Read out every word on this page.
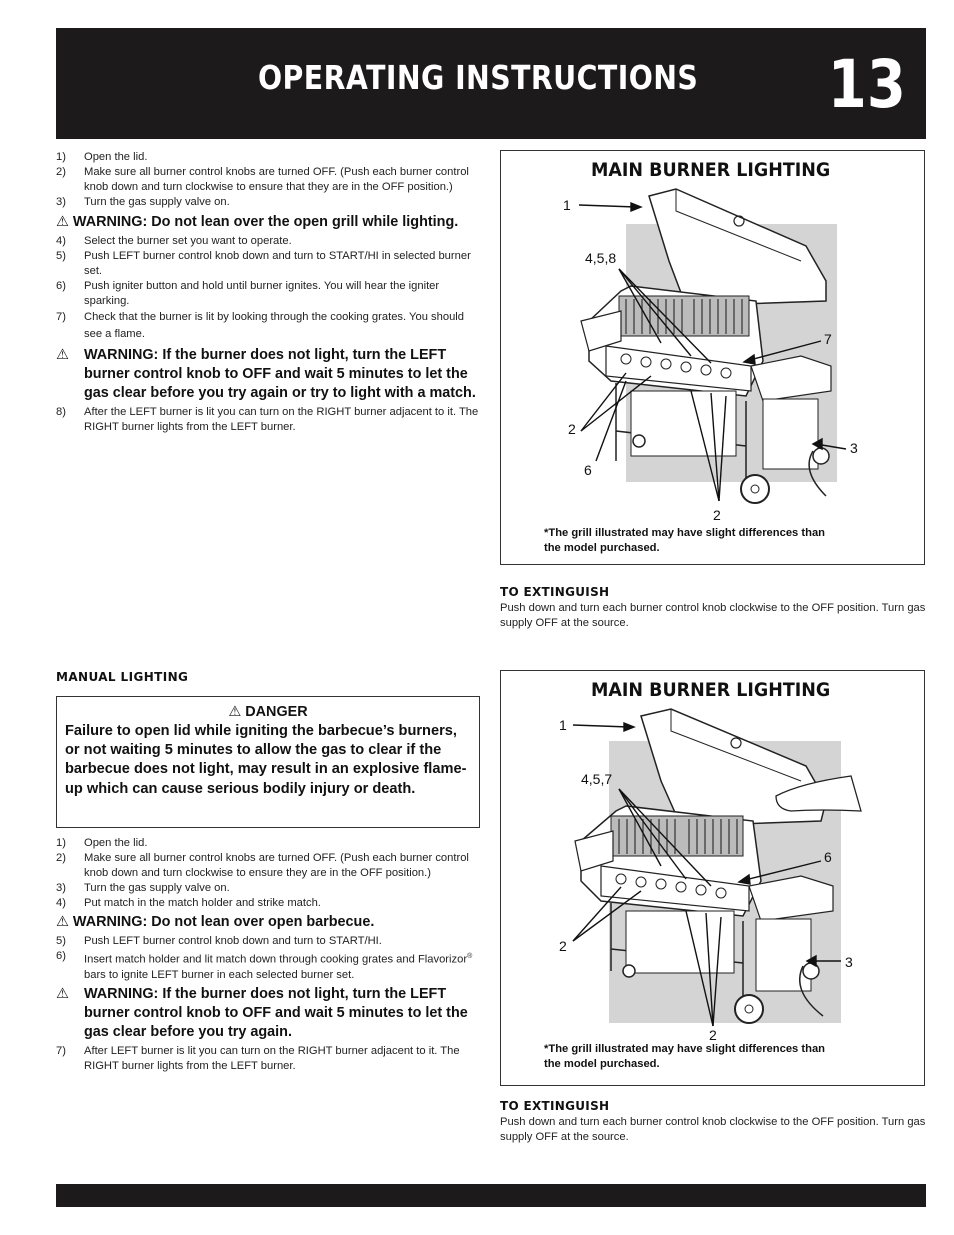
OPERATING INSTRUCTIONS 13
1) Open the lid.
2) Make sure all burner control knobs are turned OFF. (Push each burner control knob down and turn clockwise to ensure that they are in the OFF position.)
3) Turn the gas supply valve on.
⚠ WARNING: Do not lean over the open grill while lighting.
4) Select the burner set you want to operate.
5) Push LEFT burner control knob down and turn to START/HI in selected burner set.
6) Push igniter button and hold until burner ignites. You will hear the igniter sparking.
7) Check that the burner is lit by looking through the cooking grates. You should see a flame.
⚠ WARNING: If the burner does not light, turn the LEFT burner control knob to OFF and wait 5 minutes to let the gas clear before you try again or try to light with a match.
8) After the LEFT burner is lit you can turn on the RIGHT burner adjacent to it. The RIGHT burner lights from the LEFT burner.
MAIN BURNER LIGHTING
1
4,5,8
7
2
3
6
2
*The grill illustrated may have slight differences than the model purchased.
TO EXTINGUISH
Push down and turn each burner control knob clockwise to the OFF position. Turn gas supply OFF at the source.
MANUAL LIGHTING
⚠ DANGER
Failure to open lid while igniting the barbecue’s burners, or not waiting 5 minutes to allow the gas to clear if the barbecue does not light, may result in an explosive flame-up which can cause serious bodily injury or death.
1) Open the lid.
2) Make sure all burner control knobs are turned OFF. (Push each burner control knob down and turn clockwise to ensure they are in the OFF position.)
3) Turn the gas supply valve on.
4) Put match in the match holder and strike match.
⚠ WARNING: Do not lean over open barbecue.
5) Push LEFT burner control knob down and turn to START/HI.
6) Insert match holder and lit match down through cooking grates and Flavorizor® bars to ignite LEFT burner in each selected burner set.
⚠ WARNING: If the burner does not light, turn the LEFT burner control knob to OFF and wait 5 minutes to let the gas clear before you try again.
7) After LEFT burner is lit you can turn on the RIGHT burner adjacent to it. The RIGHT burner lights from the LEFT burner.
MAIN BURNER LIGHTING
1
4,5,7
6
2
3
2
*The grill illustrated may have slight differences than the model purchased.
TO EXTINGUISH
Push down and turn each burner control knob clockwise to the OFF position. Turn gas supply OFF at the source.
